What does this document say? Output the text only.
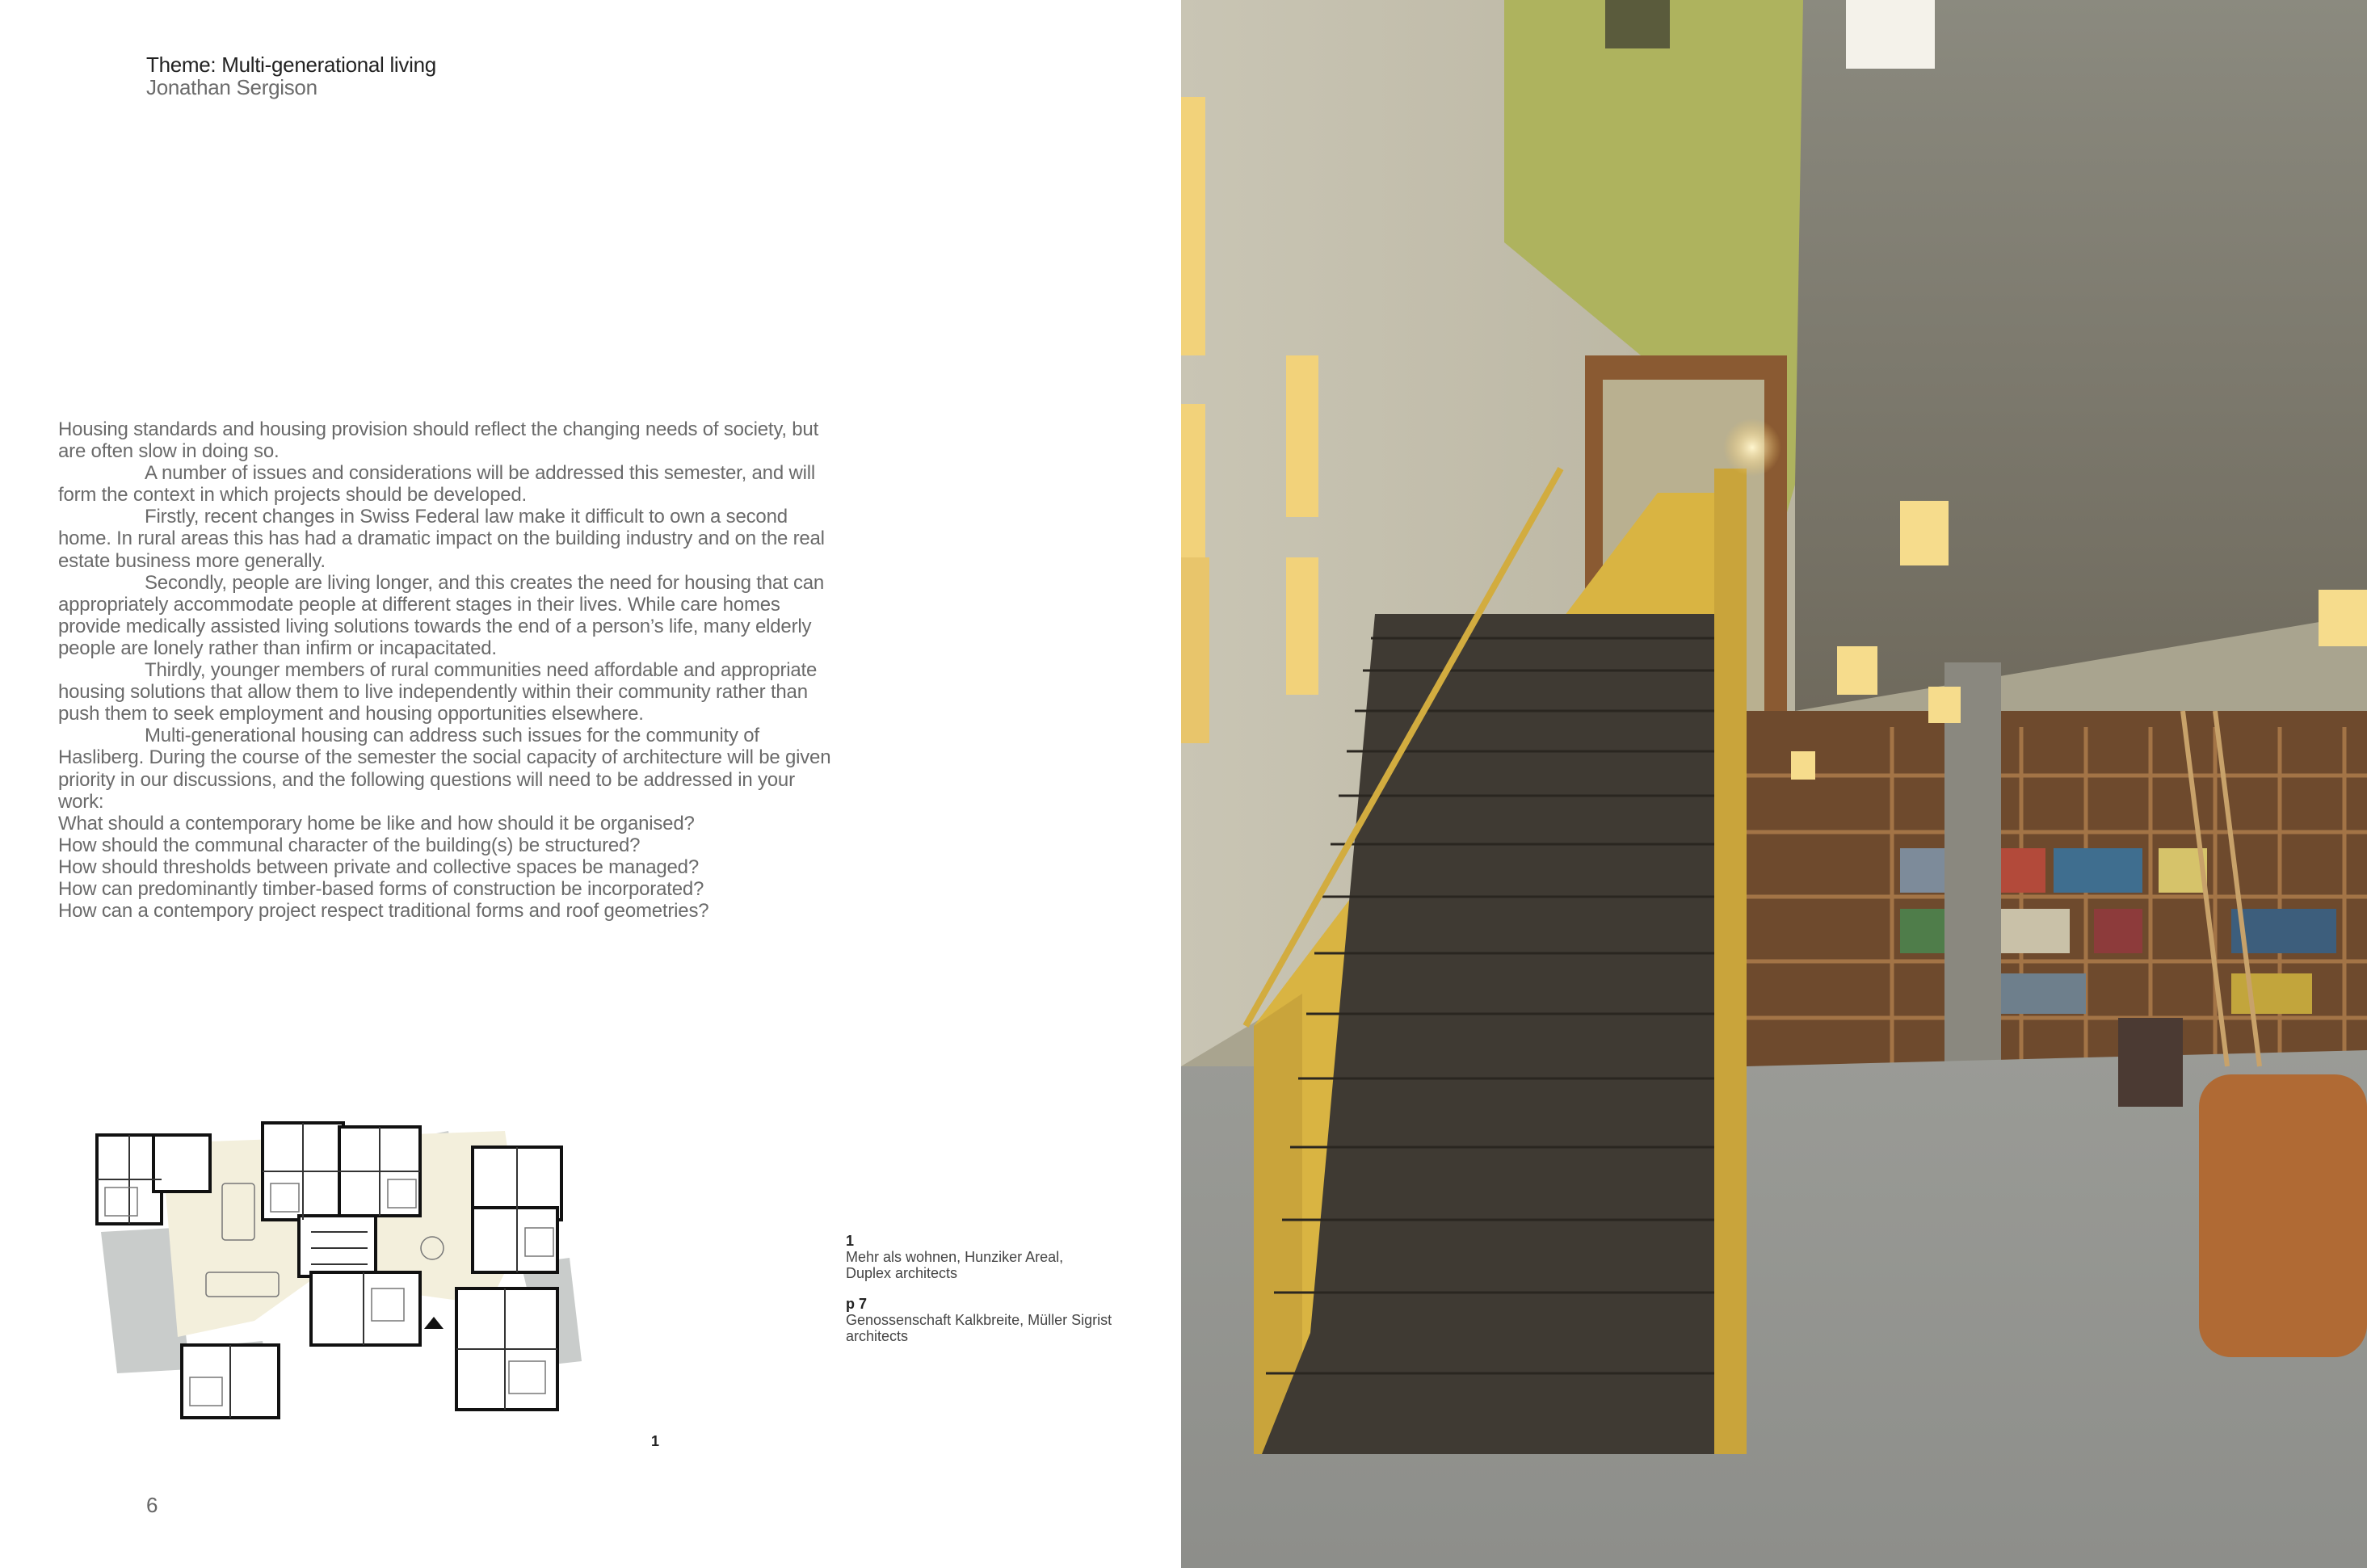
Theme: Multi-generational living
Jonathan Sergison

Housing standards and housing provision should reflect the changing needs of society, but are often slow in doing so.

A number of issues and considerations will be addressed this semester, and will form the context in which projects should be developed.

Firstly, recent changes in Swiss Federal law make it difficult to own a second home. In rural areas this has had a dramatic impact on the building industry and on the real estate business more generally.

Secondly, people are living longer, and this creates the need for housing that can appropriately accommodate people at different stages in their lives. While care homes provide medically assisted living solutions towards the end of a person’s life, many elderly people are lonely rather than infirm or incapacitated.

Thirdly, younger members of rural communities need affordable and appropriate housing solutions that allow them to live independently within their community rather than push them to seek employment and housing opportunities elsewhere.

Multi-generational housing can address such issues for the community of Hasliberg. During the course of the semester the social capacity of architecture will be given priority in our discussions, and the following questions will need to be addressed in your work:

What should a contemporary home be like and how should it be organised?

How should the communal character of the building(s) be structured?

How should thresholds between private and collective spaces be managed?

How can predominantly timber-based forms of construction be incorporated?

How can a contempory project respect traditional forms and roof geometries?

1
Mehr als wohnen, Hunziker Areal, Duplex architects
p 7
Genossenschaft Kalkbreite, Müller Sigrist architects
1
6
